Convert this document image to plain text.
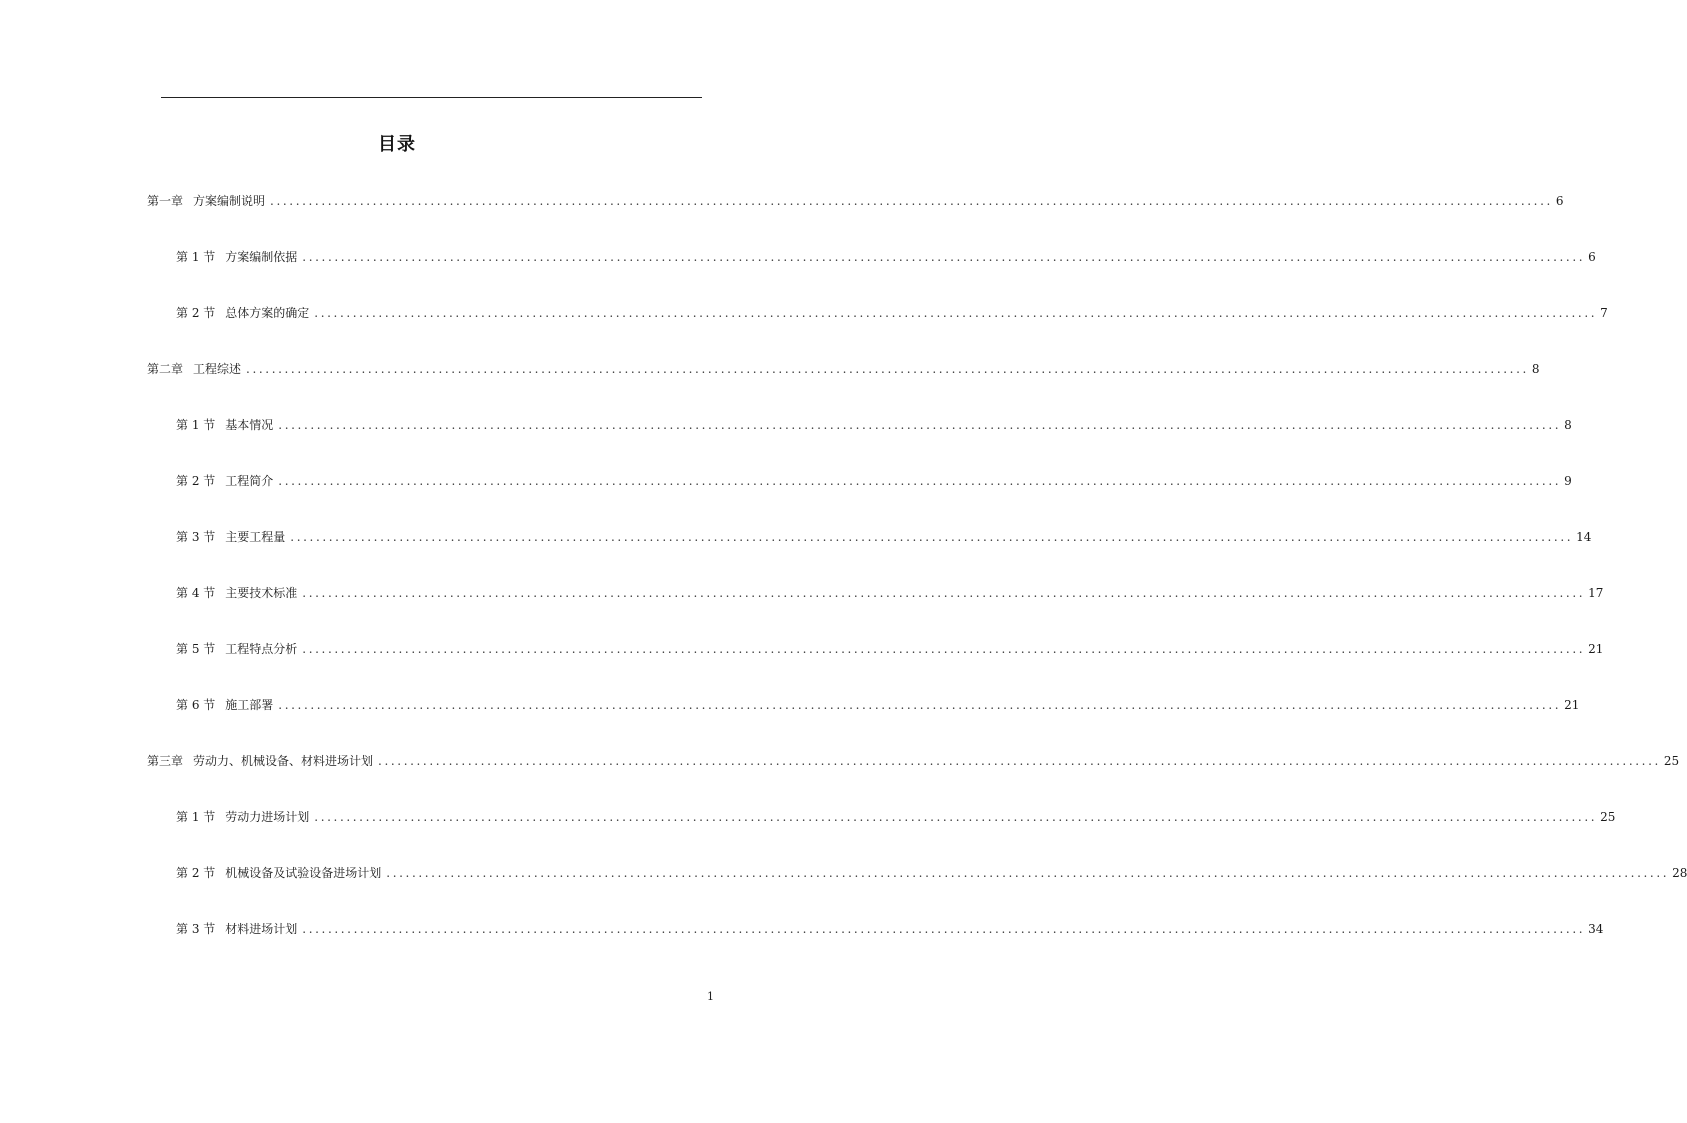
目录
第一章 方案编制说明 ........................................................................................................................................................................................................ 6
第 1 节 方案编制依据 ........................................................................................................................................................................................................ 6
第 2 节 总体方案的确定 ........................................................................................................................................................................................................ 7
第二章 工程综述 ........................................................................................................................................................................................................ 8
第 1 节 基本情况 ........................................................................................................................................................................................................ 8
第 2 节 工程简介 ........................................................................................................................................................................................................ 9
第 3 节 主要工程量 ........................................................................................................................................................................................................ 14
第 4 节 主要技术标准 ........................................................................................................................................................................................................ 17
第 5 节 工程特点分析 ........................................................................................................................................................................................................ 21
第 6 节 施工部署 ........................................................................................................................................................................................................ 21
第三章 劳动力、机械设备、材料进场计划 ........................................................................................................................................................................................................ 25
第 1 节 劳动力进场计划 ........................................................................................................................................................................................................ 25
第 2 节 机械设备及试验设备进场计划 ........................................................................................................................................................................................................ 28
第 3 节 材料进场计划 ........................................................................................................................................................................................................ 34
1
